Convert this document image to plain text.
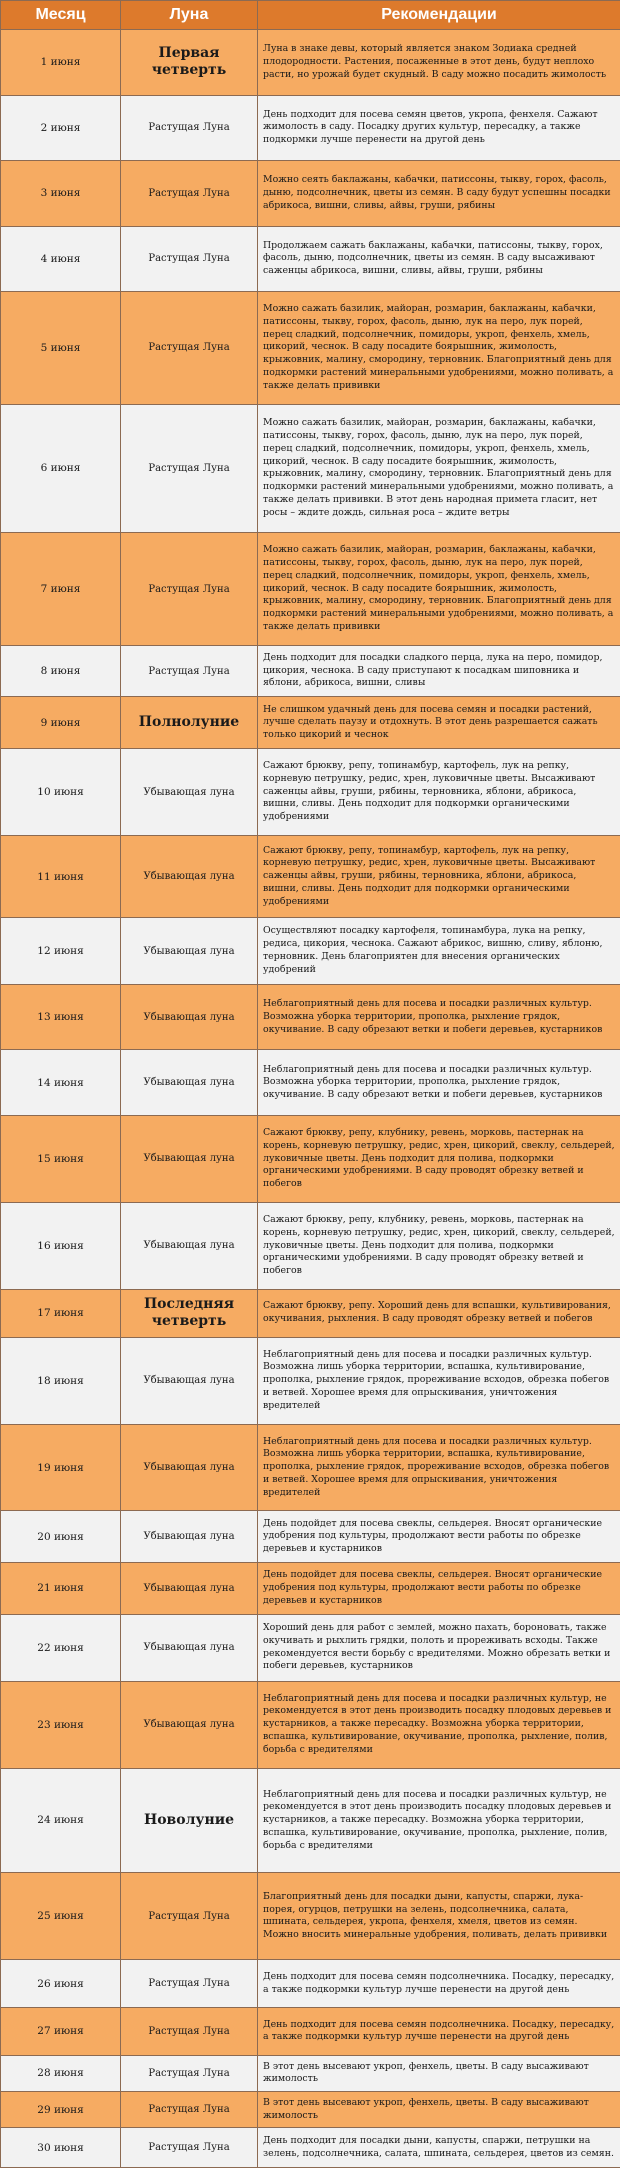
Месяц	Луна	Рекомендации
1 июня	Первая четверть	Луна в знаке девы, который является знаком Зодиака средней плодородности. Растения, посаженные в этот день, будут неплохо расти, но урожай будет скудный. В саду можно посадить жимолость
2 июня	Растущая Луна	День подходит для посева семян цветов, укропа, фенхеля. Сажают жимолость в саду. Посадку других культур, пересадку, а также подкормки лучше перенести на другой день
3 июня	Растущая Луна	Можно сеять баклажаны, кабачки, патиссоны, тыкву, горох, фасоль, дыню, подсолнечник, цветы из семян. В саду будут успешны посадки абрикоса, вишни, сливы, айвы, груши, рябины
4 июня	Растущая Луна	Продолжаем сажать баклажаны, кабачки, патиссоны, тыкву, горох, фасоль, дыню, подсолнечник, цветы из семян. В саду высаживают саженцы абрикоса, вишни, сливы, айвы, груши, рябины
5 июня	Растущая Луна	Можно сажать базилик, майоран, розмарин, баклажаны, кабачки, патиссоны, тыкву, горох, фасоль, дыню, лук на перо, лук порей, перец сладкий, подсолнечник, помидоры, укроп, фенхель, хмель, цикорий, чеснок. В саду посадите боярышник, жимолость, крыжовник, малину, смородину, терновник. Благоприятный день для подкормки растений минеральными удобрениями, можно поливать, а также делать прививки
6 июня	Растущая Луна	Можно сажать базилик, майоран, розмарин, баклажаны, кабачки, патиссоны, тыкву, горох, фасоль, дыню, лук на перо, лук порей, перец сладкий, подсолнечник, помидоры, укроп, фенхель, хмель, цикорий, чеснок. В саду посадите боярышник, жимолость, крыжовник, малину, смородину, терновник. Благоприятный день для подкормки растений минеральными удобрениями, можно поливать, а также делать прививки. В этот день народная примета гласит, нет росы – ждите дождь, сильная роса – ждите ветры
7 июня	Растущая Луна	Можно сажать базилик, майоран, розмарин, баклажаны, кабачки, патиссоны, тыкву, горох, фасоль, дыню, лук на перо, лук порей, перец сладкий, подсолнечник, помидоры, укроп, фенхель, хмель, цикорий, чеснок. В саду посадите боярышник, жимолость, крыжовник, малину, смородину, терновник. Благоприятный день для подкормки растений минеральными удобрениями, можно поливать, а также делать прививки
8 июня	Растущая Луна	День подходит для посадки сладкого перца, лука на перо, помидор, цикория, чеснока. В саду приступают к посадкам шиповника и яблони, абрикоса, вишни, сливы
9 июня	Полнолуние	Не слишком удачный день для посева семян и посадки растений, лучше сделать паузу и отдохнуть. В этот день разрешается сажать только цикорий и чеснок
10 июня	Убывающая луна	Сажают брюкву, репу, топинамбур, картофель, лук на репку, корневую петрушку, редис, хрен, луковичные цветы. Высаживают саженцы айвы, груши, рябины, терновника, яблони, абрикоса, вишни, сливы. День подходит для подкормки органическими удобрениями
11 июня	Убывающая луна	Сажают брюкву, репу, топинамбур, картофель, лук на репку, корневую петрушку, редис, хрен, луковичные цветы. Высаживают саженцы айвы, груши, рябины, терновника, яблони, абрикоса, вишни, сливы. День подходит для подкормки органическими удобрениями
12 июня	Убывающая луна	Осуществляют посадку картофеля, топинамбура, лука на репку, редиса, цикория, чеснока. Сажают абрикос, вишню, сливу, яблоню, терновник. День благоприятен для внесения органических удобрений
13 июня	Убывающая луна	Неблагоприятный день для посева и посадки различных культур. Возможна уборка территории, прополка, рыхление грядок, окучивание. В саду обрезают ветки и побеги деревьев, кустарников
14 июня	Убывающая луна	Неблагоприятный день для посева и посадки различных культур. Возможна уборка территории, прополка, рыхление грядок, окучивание. В саду обрезают ветки и побеги деревьев, кустарников
15 июня	Убывающая луна	Сажают брюкву, репу, клубнику, ревень, морковь, пастернак на корень, корневую петрушку, редис, хрен, цикорий, свеклу, сельдерей, луковичные цветы. День подходит для полива, подкормки органическими удобрениями. В саду проводят обрезку ветвей и побегов
16 июня	Убывающая луна	Сажают брюкву, репу, клубнику, ревень, морковь, пастернак на корень, корневую петрушку, редис, хрен, цикорий, свеклу, сельдерей, луковичные цветы. День подходит для полива, подкормки органическими удобрениями. В саду проводят обрезку ветвей и побегов
17 июня	Последняя четверть	Сажают брюкву, репу. Хороший день для вспашки, культивирования, окучивания, рыхления. В саду проводят обрезку ветвей и побегов
18 июня	Убывающая луна	Неблагоприятный день для посева и посадки различных культур. Возможна лишь уборка территории, вспашка, культивирование, прополка, рыхление грядок, прореживание всходов, обрезка побегов и ветвей. Хорошее время для опрыскивания, уничтожения вредителей
19 июня	Убывающая луна	Неблагоприятный день для посева и посадки различных культур. Возможна лишь уборка территории, вспашка, культивирование, прополка, рыхление грядок, прореживание всходов, обрезка побегов и ветвей. Хорошее время для опрыскивания, уничтожения вредителей
20 июня	Убывающая луна	День подойдет для посева свеклы, сельдерея. Вносят органические удобрения под культуры, продолжают вести работы по обрезке деревьев и кустарников
21 июня	Убывающая луна	День подойдет для посева свеклы, сельдерея. Вносят органические удобрения под культуры, продолжают вести работы по обрезке деревьев и кустарников
22 июня	Убывающая луна	Хороший день для работ с землей, можно пахать, бороновать, также окучивать и рыхлить грядки, полоть и прореживать всходы. Также рекомендуется вести борьбу с вредителями. Можно обрезать ветки и побеги деревьев, кустарников
23 июня	Убывающая луна	Неблагоприятный день для посева и посадки различных культур, не рекомендуется в этот день производить посадку плодовых деревьев и кустарников, а также пересадку. Возможна уборка территории, вспашка, культивирование, окучивание, прополка, рыхление, полив, борьба с вредителями
24 июня	Новолуние	Неблагоприятный день для посева и посадки различных культур, не рекомендуется в этот день производить посадку плодовых деревьев и кустарников, а также пересадку. Возможна уборка территории, вспашка, культивирование, окучивание, прополка, рыхление, полив, борьба с вредителями
25 июня	Растущая Луна	Благоприятный день для посадки дыни, капусты, спаржи, лука-порея, огурцов, петрушки на зелень, подсолнечника, салата, шпината, сельдерея, укропа, фенхеля, хмеля, цветов из семян. Можно вносить минеральные удобрения, поливать, делать прививки
26 июня	Растущая Луна	День подходит для посева семян подсолнечника. Посадку, пересадку, а также подкормки культур лучше перенести на другой день
27 июня	Растущая Луна	День подходит для посева семян подсолнечника. Посадку, пересадку, а также подкормки культур лучше перенести на другой день
28 июня	Растущая Луна	В этот день высевают укроп, фенхель, цветы. В саду высаживают жимолость
29 июня	Растущая Луна	В этот день высевают укроп, фенхель, цветы. В саду высаживают жимолость
30 июня	Растущая Луна	День подходит для посадки дыни, капусты, спаржи, петрушки на зелень, подсолнечника, салата, шпината, сельдерея, цветов из семян.
